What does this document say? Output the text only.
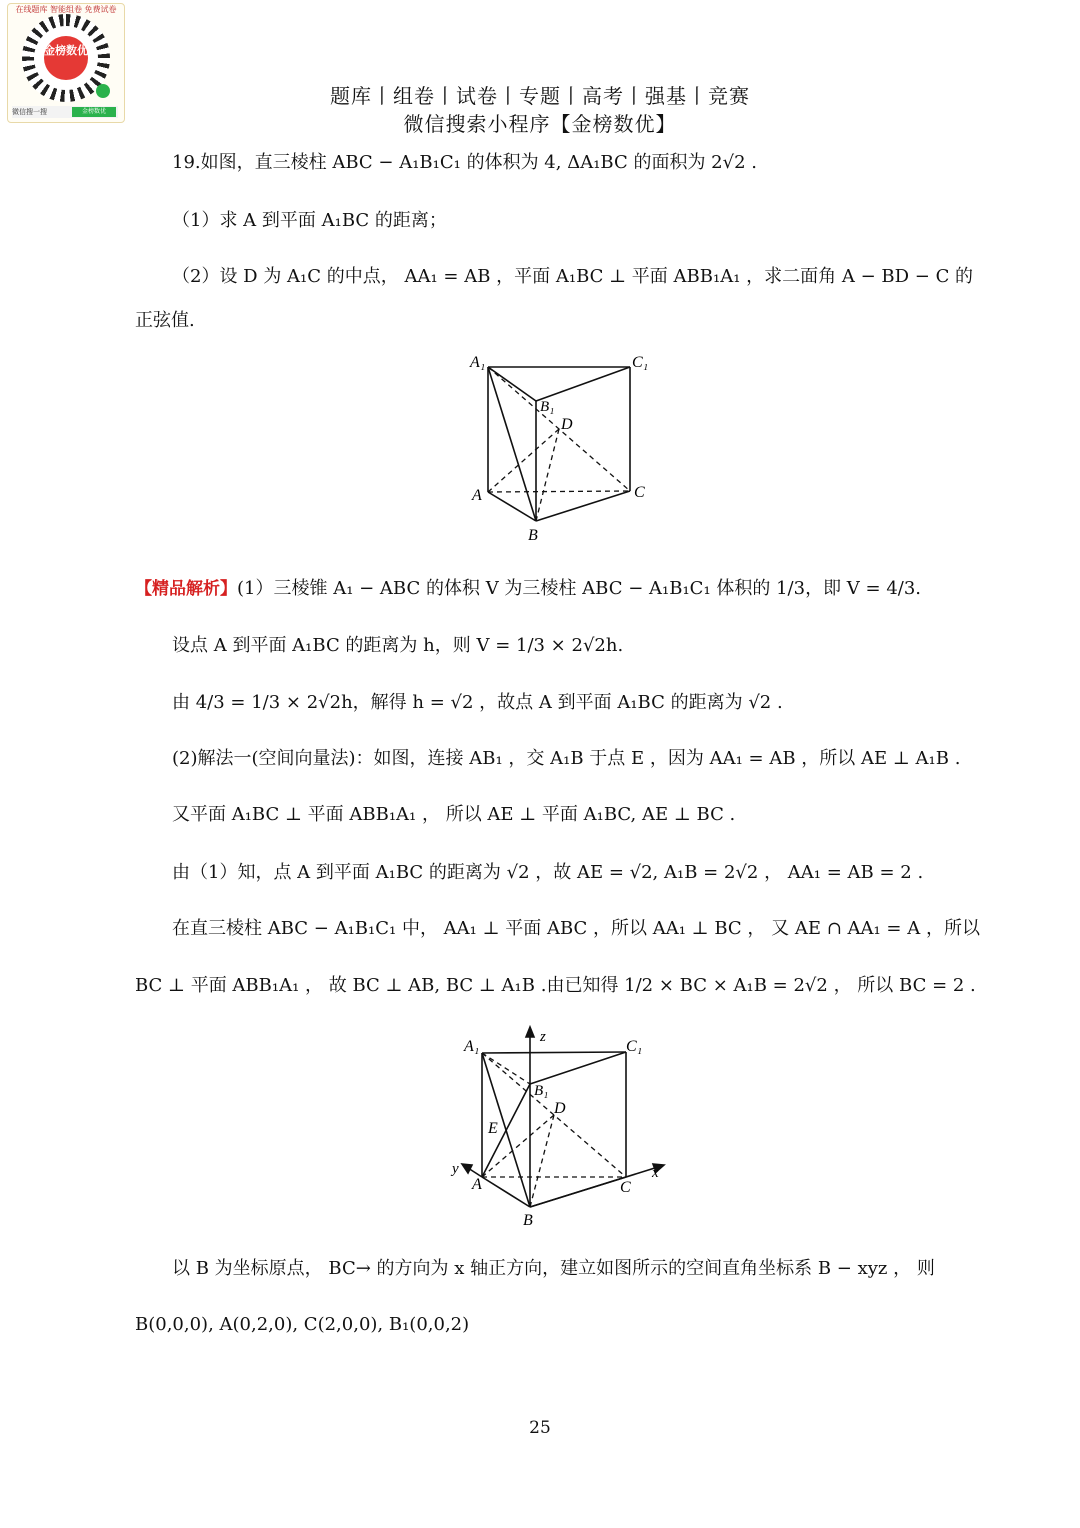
在线题库 智能组卷 免费试卷
金榜数优
微信搜一搜	金榜数优
题库丨组卷丨试卷丨专题丨高考丨强基丨竞赛
微信搜索小程序【金榜数优】
19.如图，直三棱柱 ABC − A₁B₁C₁ 的体积为 4, ΔA₁BC 的面积为 2√2 .
（1）求 A 到平面 A₁BC 的距离；
（2）设 D 为 A₁C 的中点， AA₁ = AB ，平面 A₁BC ⊥ 平面 ABB₁A₁ ，求二面角 A − BD − C 的
正弦值.
A₁	C₁
B₁
D
A	C
B
【精品解析】(1）三棱锥 A₁ − ABC 的体积 V 为三棱柱 ABC − A₁B₁C₁ 体积的 1/3，即 V = 4/3.
设点 A 到平面 A₁BC 的距离为 h，则 V = 1/3 × 2√2h.
由 4/3 = 1/3 × 2√2h，解得 h = √2 ，故点 A 到平面 A₁BC 的距离为 √2 .
(2)解法一(空间向量法)：如图，连接 AB₁ ，交 A₁B 于点 E ，因为 AA₁ = AB ，所以 AE ⊥ A₁B .
又平面 A₁BC ⊥ 平面 ABB₁A₁ ， 所以 AE ⊥ 平面 A₁BC, AE ⊥ BC .
由（1）知，点 A 到平面 A₁BC 的距离为 √2 ，故 AE = √2, A₁B = 2√2 ， AA₁ = AB = 2 .
在直三棱柱 ABC − A₁B₁C₁ 中， AA₁ ⊥ 平面 ABC ，所以 AA₁ ⊥ BC ， 又 AE ∩ AA₁ = A ，所以
BC ⊥ 平面 ABB₁A₁ ， 故 BC ⊥ AB, BC ⊥ A₁B .由已知得 1/2 × BC × A₁B = 2√2 ， 所以 BC = 2 .
A₁	C₁
B₁
D
E
A	C
B
z
x
y
以 B 为坐标原点， BC→ 的方向为 x 轴正方向，建立如图所示的空间直角坐标系 B − xyz ， 则
B(0,0,0), A(0,2,0), C(2,0,0), B₁(0,0,2)
25
